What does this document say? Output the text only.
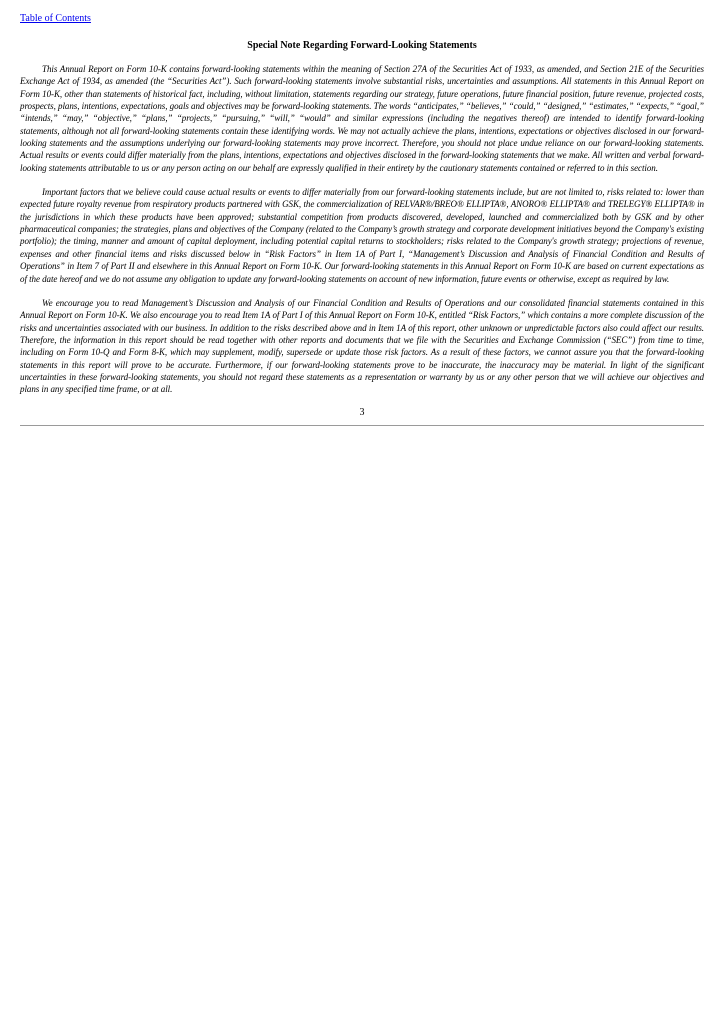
Table of Contents
Special Note Regarding Forward-Looking Statements

This Annual Report on Form 10-K contains forward-looking statements within the meaning of Section 27A of the Securities Act of 1933, as amended, and Section 21E of the Securities Exchange Act of 1934, as amended (the “Securities Act”). Such forward-looking statements involve substantial risks, uncertainties and assumptions. All statements in this Annual Report on Form 10-K, other than statements of historical fact, including, without limitation, statements regarding our strategy, future operations, future financial position, future revenue, projected costs, prospects, plans, intentions, expectations, goals and objectives may be forward-looking statements. The words “anticipates,” “believes,” “could,” “designed,” “estimates,” “expects,” “goal,” “intends,” “may,” “objective,” “plans,” “projects,” “pursuing,” “will,” “would” and similar expressions (including the negatives thereof) are intended to identify forward-looking statements, although not all forward-looking statements contain these identifying words. We may not actually achieve the plans, intentions, expectations or objectives disclosed in our forward-looking statements and the assumptions underlying our forward-looking statements may prove incorrect. Therefore, you should not place undue reliance on our forward-looking statements. Actual results or events could differ materially from the plans, intentions, expectations and objectives disclosed in the forward-looking statements that we make. All written and verbal forward-looking statements attributable to us or any person acting on our behalf are expressly qualified in their entirety by the cautionary statements contained or referred to in this section.

Important factors that we believe could cause actual results or events to differ materially from our forward-looking statements include, but are not limited to, risks related to: lower than expected future royalty revenue from respiratory products partnered with GSK, the commercialization of RELVAR®/BREO® ELLIPTA®, ANORO® ELLIPTA® and TRELEGY® ELLIPTA® in the jurisdictions in which these products have been approved; substantial competition from products discovered, developed, launched and commercialized both by GSK and by other pharmaceutical companies; the strategies, plans and objectives of the Company (related to the Company’s growth strategy and corporate development initiatives beyond the Company's existing portfolio); the timing, manner and amount of capital deployment, including potential capital returns to stockholders; risks related to the Company's growth strategy; projections of revenue, expenses and other financial items and risks discussed below in “Risk Factors” in Item 1A of Part I, “Management’s Discussion and Analysis of Financial Condition and Results of Operations” in Item 7 of Part II and elsewhere in this Annual Report on Form 10-K. Our forward-looking statements in this Annual Report on Form 10-K are based on current expectations as of the date hereof and we do not assume any obligation to update any forward-looking statements on account of new information, future events or otherwise, except as required by law.

We encourage you to read Management’s Discussion and Analysis of our Financial Condition and Results of Operations and our consolidated financial statements contained in this Annual Report on Form 10-K. We also encourage you to read Item 1A of Part I of this Annual Report on Form 10-K, entitled “Risk Factors,” which contains a more complete discussion of the risks and uncertainties associated with our business. In addition to the risks described above and in Item 1A of this report, other unknown or unpredictable factors also could affect our results. Therefore, the information in this report should be read together with other reports and documents that we file with the Securities and Exchange Commission (“SEC”) from time to time, including on Form 10-Q and Form 8-K, which may supplement, modify, supersede or update those risk factors. As a result of these factors, we cannot assure you that the forward-looking statements in this report will prove to be accurate. Furthermore, if our forward-looking statements prove to be inaccurate, the inaccuracy may be material. In light of the significant uncertainties in these forward-looking statements, you should not regard these statements as a representation or warranty by us or any other person that we will achieve our objectives and plans in any specified time frame, or at all.

3
